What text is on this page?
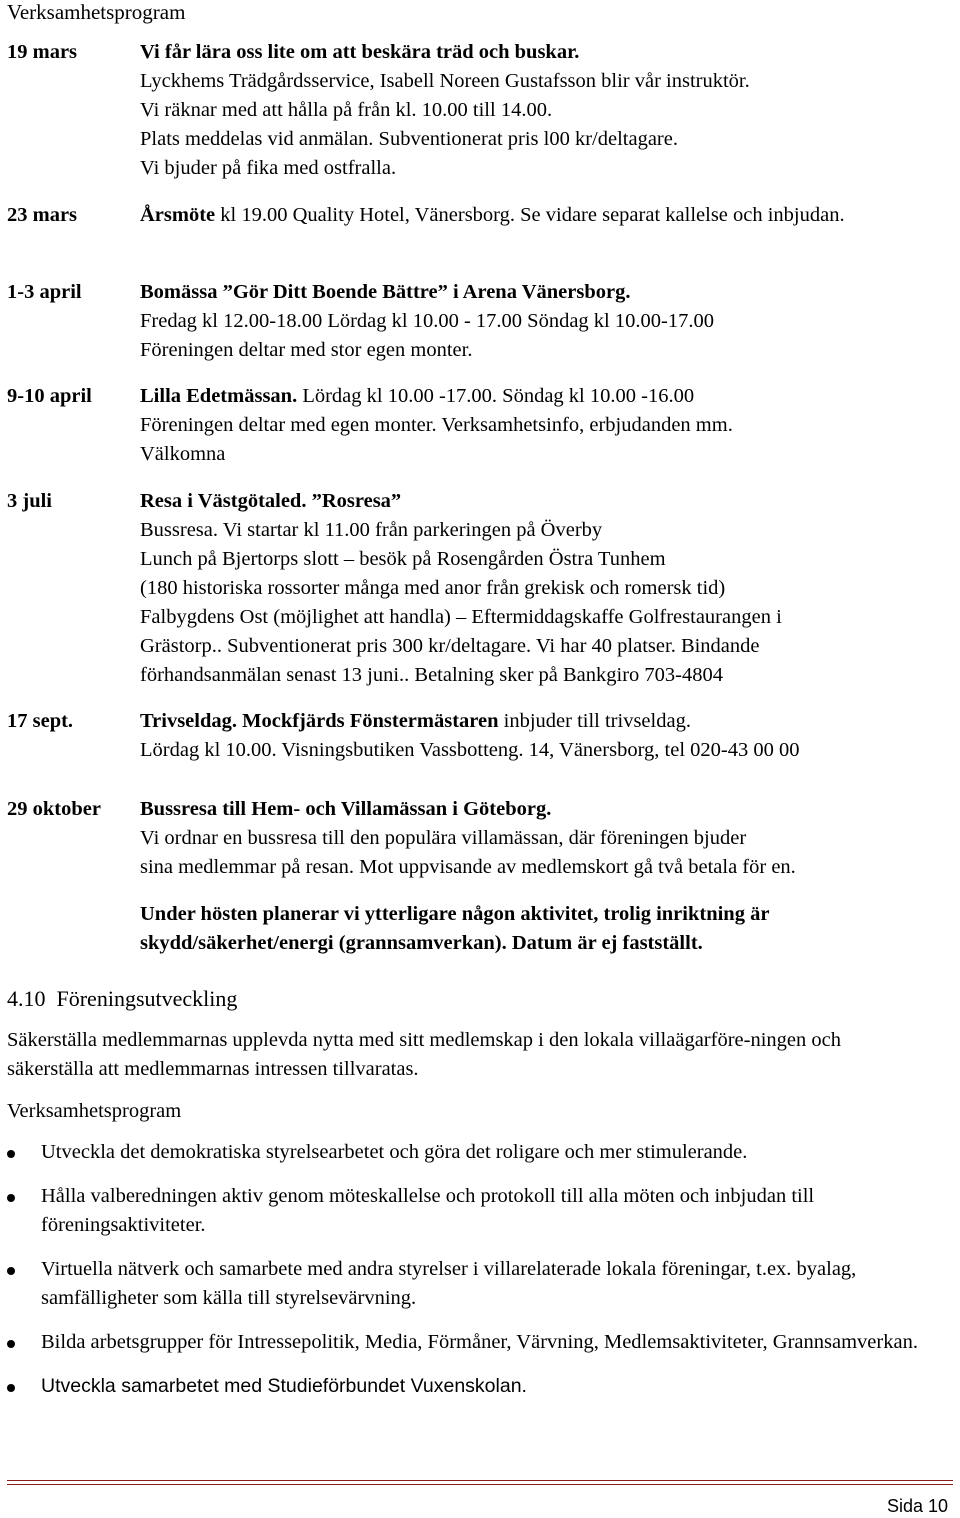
Verksamhetsprogram
19 mars	Vi får lära oss lite om att beskära träd och buskar.
Lyckhems Trädgårdsservice, Isabell Noreen Gustafsson blir vår instruktör.
Vi räknar med att hålla på från kl. 10.00 till 14.00.
Plats meddelas vid anmälan. Subventionerat pris l00 kr/deltagare.
Vi bjuder på fika med ostfralla.
23 mars	Årsmöte kl 19.00 Quality Hotel, Vänersborg. Se vidare separat kallelse och inbjudan.
1-3 april	Bomässa ”Gör Ditt Boende Bättre” i Arena Vänersborg.
Fredag kl 12.00-18.00 Lördag kl 10.00 - 17.00 Söndag kl 10.00-17.00
Föreningen deltar med stor egen monter.
9-10 april	Lilla Edetmässan. Lördag kl 10.00 -17.00. Söndag kl 10.00 -16.00
Föreningen deltar med egen monter. Verksamhetsinfo, erbjudanden mm.
Välkomna
3 juli	Resa i Västgötaled. ”Rosresa”
Bussresa. Vi startar kl 11.00 från parkeringen på Överby
Lunch på Bjertorps slott – besök på Rosengården Östra Tunhem
(180 historiska rossorter många med anor från grekisk och romersk tid)
Falbygdens Ost (möjlighet att handla) – Eftermiddagskaffe Golfrestaurangen i
Grästorp.. Subventionerat pris 300 kr/deltagare. Vi har 40 platser. Bindande
förhandsanmälan senast 13 juni.. Betalning sker på Bankgiro 703-4804
17 sept.	Trivseldag. Mockfjärds Fönstermästaren inbjuder till trivseldag.
Lördag kl 10.00. Visningsbutiken Vassbotteng. 14, Vänersborg, tel 020-43 00 00
29 oktober	Bussresa till Hem- och Villamässan i Göteborg.
Vi ordnar en bussresa till den populära villamässan, där föreningen bjuder
sina medlemmar på resan. Mot uppvisande av medlemskort gå två betala för en.
Under hösten planerar vi ytterligare någon aktivitet, trolig inriktning är skydd/säkerhet/energi (grannsamverkan). Datum är ej fastställt.
4.10 Föreningsutveckling
Säkerställa medlemmarnas upplevda nytta med sitt medlemskap i den lokala villaägarföre-ningen och säkerställa att medlemmarnas intressen tillvaratas.
Verksamhetsprogram
Utveckla det demokratiska styrelsearbetet och göra det roligare och mer stimulerande.
Hålla valberedningen aktiv genom möteskallelse och protokoll till alla möten och inbjudan till föreningsaktiviteter.
Virtuella nätverk och samarbete med andra styrelser i villarelaterade lokala föreningar, t.ex. byalag, samfälligheter som källa till styrelsevärvning.
Bilda arbetsgrupper för Intressepolitik, Media, Förmåner, Värvning, Medlemsaktiviteter, Grannsamverkan.
Utveckla samarbetet med Studieförbundet Vuxenskolan.
Sida 10
